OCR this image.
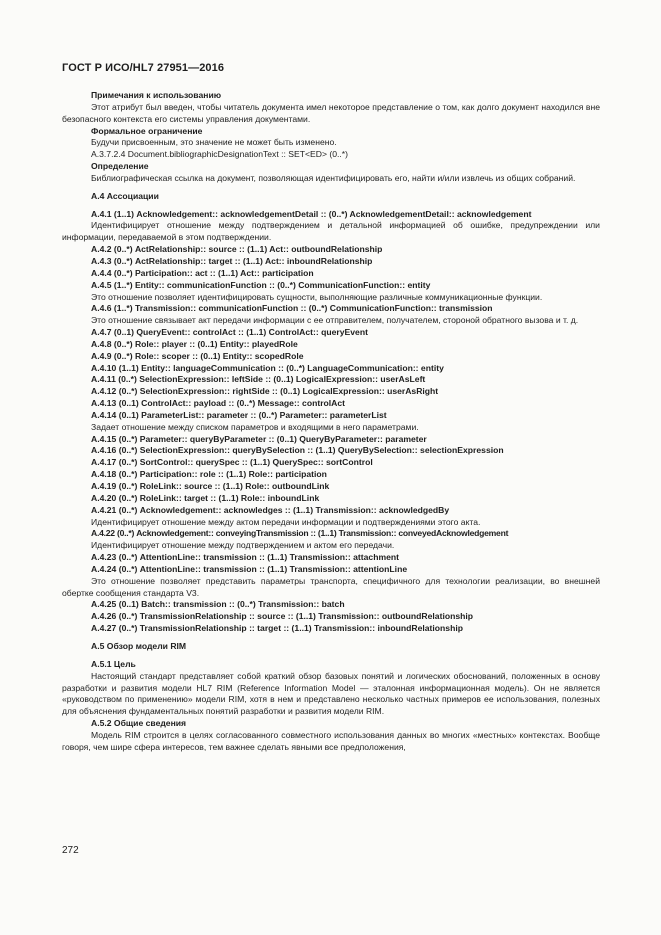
ГОСТ Р ИСО/HL7 27951—2016

Примечания к использованию

Этот атрибут был введен, чтобы читатель документа имел некоторое представление о том, как долго документ находился вне безопасного контекста его системы управления документами.

Формальное ограничение

Будучи присвоенным, это значение не может быть изменено.

A.3.7.2.4 Document.bibliographicDesignationText :: SET<ED> (0..*)

Определение

Библиографическая ссылка на документ, позволяющая идентифицировать его, найти и/или извлечь из общих собраний.

А.4 Ассоциации

А.4.1 (1..1) Acknowledgement:: acknowledgementDetail :: (0..*) AcknowledgementDetail:: acknowledgement

Идентифицирует отношение между подтверждением и детальной информацией об ошибке, предупреждении или информации, передаваемой в этом подтверждении.

А.4.2 (0..*) ActRelationship:: source :: (1..1) Act:: outboundRelationship

А.4.3 (0..*) ActRelationship:: target :: (1..1) Act:: inboundRelationship

А.4.4 (0..*) Participation:: act :: (1..1) Act:: participation

А.4.5 (1..*) Entity:: communicationFunction :: (0..*) CommunicationFunction:: entity

Это отношение позволяет идентифицировать сущности, выполняющие различные коммуникационные функции.

А.4.6 (1..*) Transmission:: communicationFunction :: (0..*) CommunicationFunction:: transmission

Это отношение связывает акт передачи информации с ее отправителем, получателем, стороной обратного вызова и т. д.

А.4.7 (0..1) QueryEvent:: controlAct :: (1..1) ControlAct:: queryEvent

А.4.8 (0..*) Role:: player :: (0..1) Entity:: playedRole

А.4.9 (0..*) Role:: scoper :: (0..1) Entity:: scopedRole

А.4.10 (1..1) Entity:: languageCommunication :: (0..*) LanguageCommunication:: entity

А.4.11 (0..*) SelectionExpression:: leftSide :: (0..1) LogicalExpression:: userAsLeft

А.4.12 (0..*) SelectionExpression:: rightSide :: (0..1) LogicalExpression:: userAsRight

А.4.13 (0..1) ControlAct:: payload :: (0..*) Message:: controlAct

А.4.14 (0..1) ParameterList:: parameter :: (0..*) Parameter:: parameterList

Задает отношение между списком параметров и входящими в него параметрами.

А.4.15 (0..*) Parameter:: queryByParameter :: (0..1) QueryByParameter:: parameter

А.4.16 (0..*) SelectionExpression:: queryBySelection :: (1..1) QueryBySelection:: selectionExpression

А.4.17 (0..*) SortControl:: querySpec :: (1..1) QuerySpec:: sortControl

А.4.18 (0..*) Participation:: role :: (1..1) Role:: participation

А.4.19 (0..*) RoleLink:: source :: (1..1) Role:: outboundLink

А.4.20 (0..*) RoleLink:: target :: (1..1) Role:: inboundLink

А.4.21 (0..*) Acknowledgement:: acknowledges :: (1..1) Transmission:: acknowledgedBy

Идентифицирует отношение между актом передачи информации и подтверждениями этого акта.

А.4.22 (0..*) Acknowledgement:: conveyingTransmission :: (1..1) Transmission:: conveyedAcknowledgement

Идентифицирует отношение между подтверждением и актом его передачи.

А.4.23 (0..*) AttentionLine:: transmission :: (1..1) Transmission:: attachment

А.4.24 (0..*) AttentionLine:: transmission :: (1..1) Transmission:: attentionLine

Это отношение позволяет представить параметры транспорта, специфичного для технологии реализации, во внешней обертке сообщения стандарта V3.

А.4.25 (0..1) Batch:: transmission :: (0..*) Transmission:: batch

А.4.26 (0..*) TransmissionRelationship :: source :: (1..1) Transmission:: outboundRelationship

А.4.27 (0..*) TransmissionRelationship :: target :: (1..1) Transmission:: inboundRelationship

А.5 Обзор модели RIM

А.5.1 Цель

Настоящий стандарт представляет собой краткий обзор базовых понятий и логических обоснований, положенных в основу разработки и развития модели HL7 RIM (Reference Information Model — эталонная информационная модель). Он не является «руководством по применению» модели RIM, хотя в нем и представлено несколько частных примеров ее использования, полезных для объяснения фундаментальных понятий разработки и развития модели RIM.

А.5.2 Общие сведения

Модель RIM строится в целях согласованного совместного использования данных во многих «местных» контекстах. Вообще говоря, чем шире сфера интересов, тем важнее сделать явными все предположения,

272
